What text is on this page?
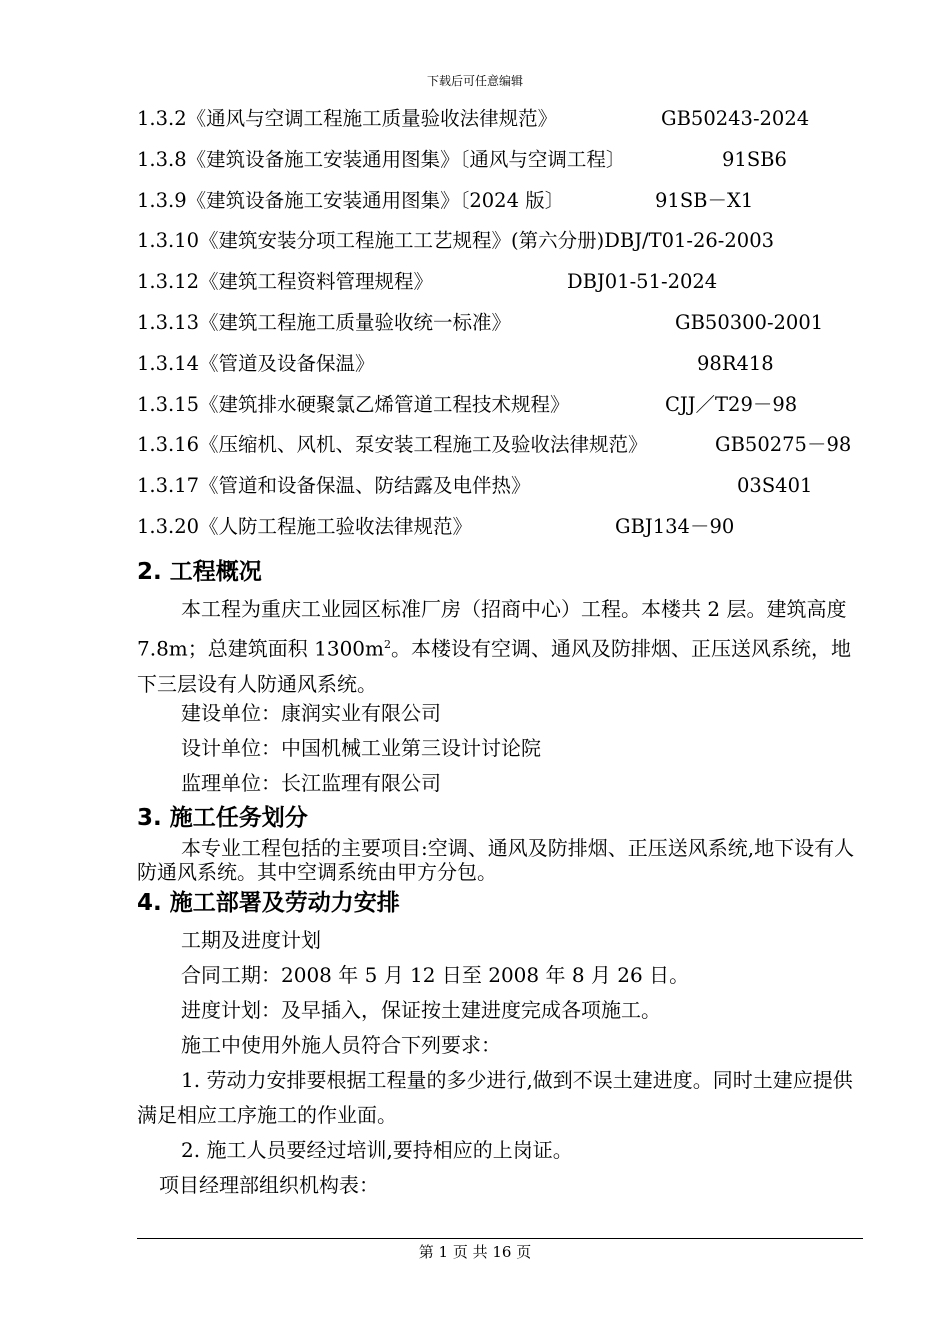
下载后可任意编辑
1.3.2《通风与空调工程施工质量验收法律规范》	GB50243-2024
1.3.8《建筑设备施工安装通用图集》〔通风与空调工程〕	91SB6
1.3.9《建筑设备施工安装通用图集》〔2024 版〕	91SB－X1
1.3.10《建筑安装分项工程施工工艺规程》(第六分册)DBJ/T01-26-2003
1.3.12《建筑工程资料管理规程》	DBJ01-51-2024
1.3.13《建筑工程施工质量验收统一标准》	GB50300-2001
1.3.14《管道及设备保温》	98R418
1.3.15《建筑排水硬聚氯乙烯管道工程技术规程》	CJJ／T29－98
1.3.16《压缩机、风机、泵安装工程施工及验收法律规范》	GB50275－98
1.3.17《管道和设备保温、防结露及电伴热》	03S401
1.3.20《人防工程施工验收法律规范》	GBJ134－90
2. 工程概况
本工程为重庆工业园区标准厂房（招商中心）工程。本楼共 2 层。建筑高度 7.8m；总建筑面积 $1300m^2$。本楼设有空调、通风及防排烟、正压送风系统，地下三层设有人防通风系统。
建设单位：康润实业有限公司
设计单位：中国机械工业第三设计讨论院
监理单位：长江监理有限公司
3. 施工任务划分
本专业工程包括的主要项目:空调、通风及防排烟、正压送风系统,地下设有人防通风系统。其中空调系统由甲方分包。
4. 施工部署及劳动力安排
工期及进度计划
合同工期：2008 年 5 月 12 日至 2008 年 8 月 26 日。
进度计划：及早插入，保证按土建进度完成各项施工。
施工中使用外施人员符合下列要求：
1. 劳动力安排要根据工程量的多少进行,做到不误土建进度。同时土建应提供满足相应工序施工的作业面。
2. 施工人员要经过培训,要持相应的上岗证。
项目经理部组织机构表：
第 1 页 共 16 页
